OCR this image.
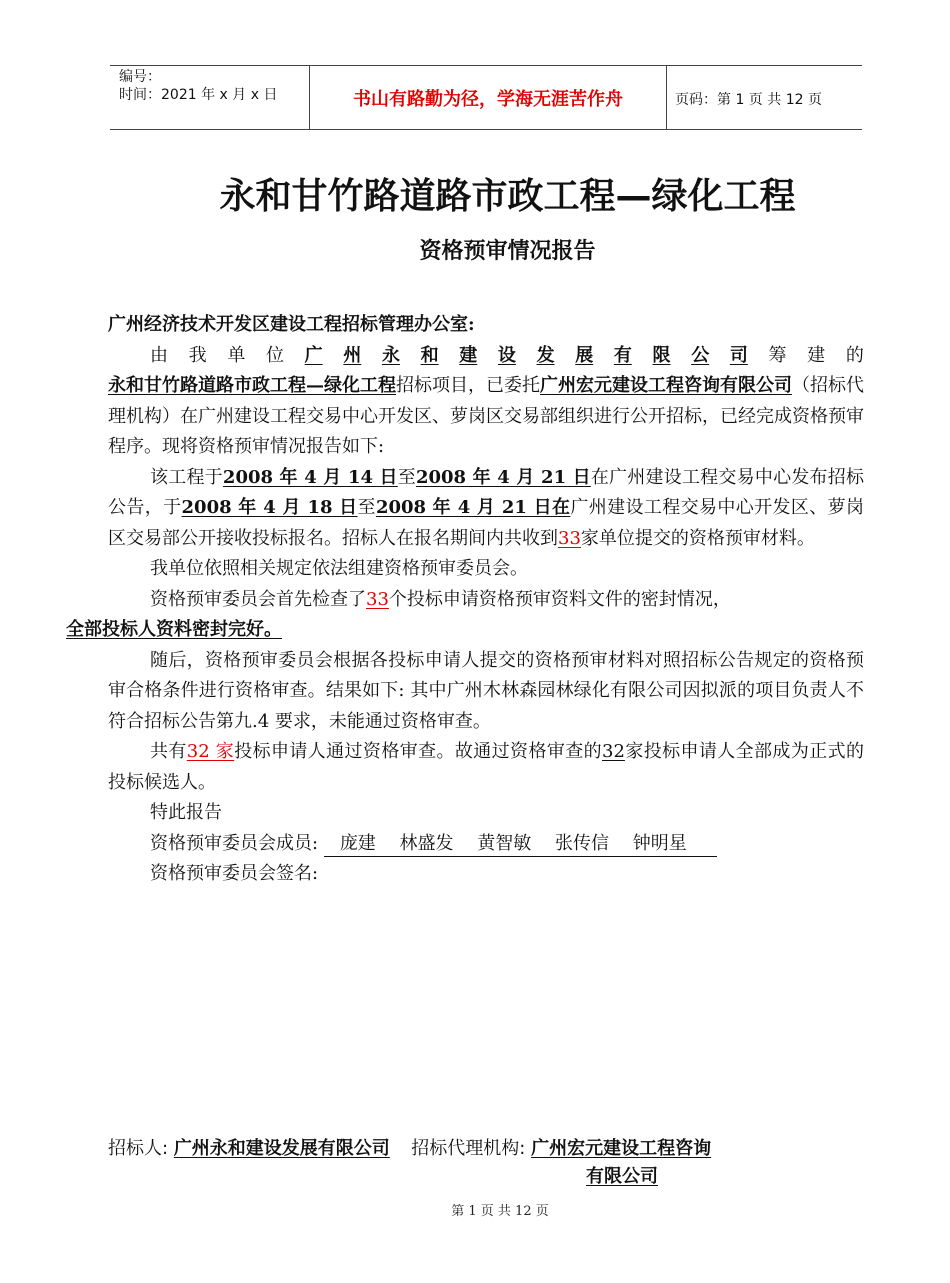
编号：
时间：2021 年 x 月 x 日	书山有路勤为径，学海无涯苦作舟	页码：第 1 页 共 12 页
永和甘竹路道路市政工程—绿化工程
资格预审情况报告
广州经济技术开发区建设工程招标管理办公室:
由 我 单 位 广 州 永 和 建 设 发 展 有 限 公 司 筹 建 的

永和甘竹路道路市政工程—绿化工程招标项目，已委托广州宏元建设工程咨询有限公司（招标代理机构）在广州建设工程交易中心开发区、萝岗区交易部组织进行公开招标，已经完成资格预审程序。现将资格预审情况报告如下:

该工程于2008 年 4 月 14 日至2008 年 4 月 21 日在广州建设工程交易中心发布招标公告，于2008 年 4 月 18 日至2008 年 4 月 21 日在广州建设工程交易中心开发区、萝岗区交易部公开接收投标报名。招标人在报名期间内共收到33家单位提交的资格预审材料。

我单位依照相关规定依法组建资格预审委员会。

资格预审委员会首先检查了33个投标申请资格预审资料文件的密封情况，
全部投标人资料密封完好。

随后，资格预审委员会根据各投标申请人提交的资格预审材料对照招标公告规定的资格预审合格条件进行资格审查。结果如下: 其中广州木林森园林绿化有限公司因拟派的项目负责人不符合招标公告第九.4 要求，未能通过资格审查。

共有32 家投标申请人通过资格审查。故通过资格审查的32家投标申请人全部成为正式的投标候选人。

特此报告

资格预审委员会成员: 庞建 林盛发 黄智敏 张传信 钟明星
资格预审委员会签名:
招标人: 广州永和建设发展有限公司 招标代理机构: 广州宏元建设工程咨询
有限公司
第 1 页 共 12 页
